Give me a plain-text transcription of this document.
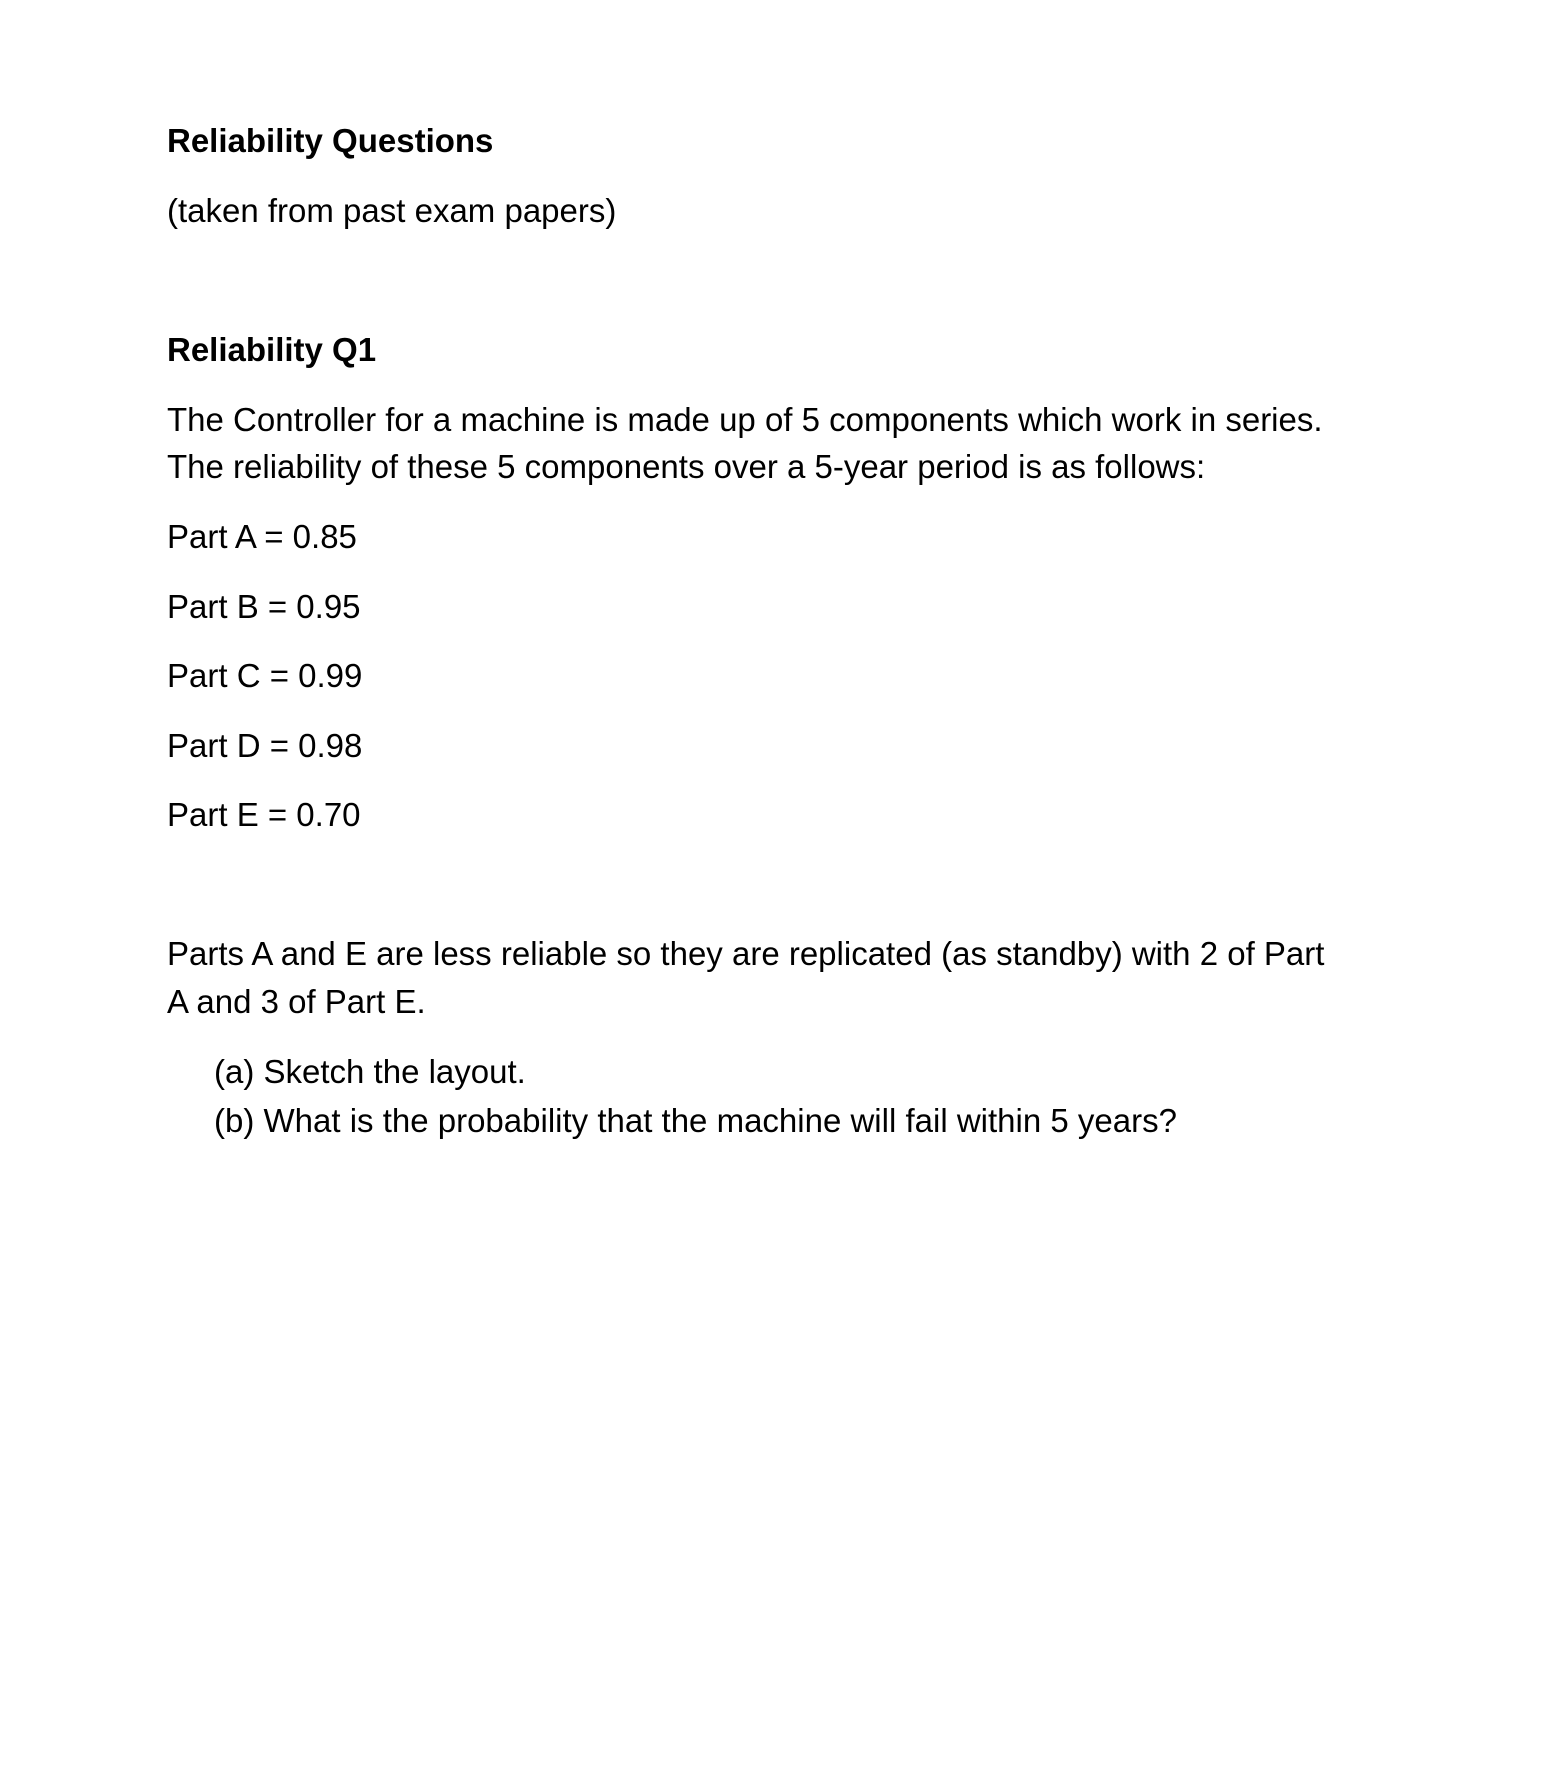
Reliability Questions
(taken from past exam papers)
Reliability Q1
The Controller for a machine is made up of 5 components which work in series.
The reliability of these 5 components over a 5-year period is as follows:
Part A = 0.85
Part B = 0.95
Part C = 0.99
Part D = 0.98
Part E = 0.70
Parts A and E are less reliable so they are replicated (as standby) with 2 of Part
A and 3 of Part E.
(a) Sketch the layout.
(b) What is the probability that the machine will fail within 5 years?
